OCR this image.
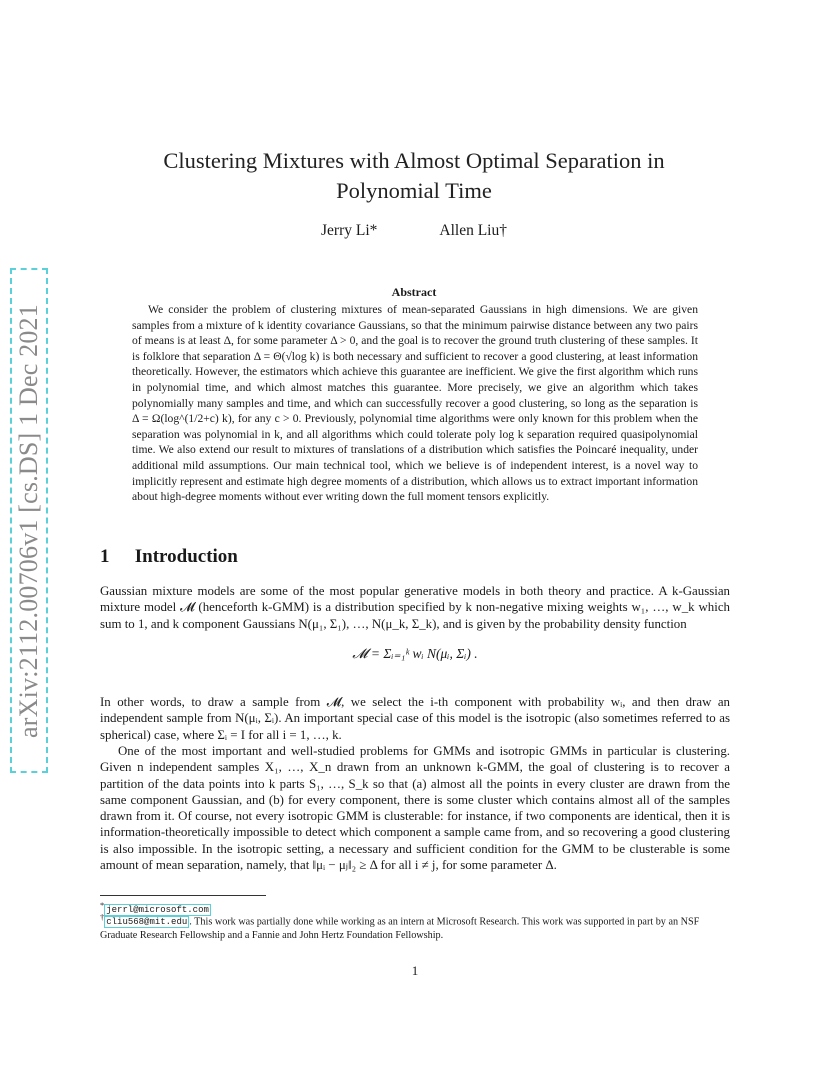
arXiv:2112.00706v1 [cs.DS] 1 Dec 2021
Clustering Mixtures with Almost Optimal Separation in
Polynomial Time
Jerry Li*	Allen Liu†
Abstract

We consider the problem of clustering mixtures of mean-separated Gaussians in high dimensions. We are given samples from a mixture of k identity covariance Gaussians, so that the minimum pairwise distance between any two pairs of means is at least Δ, for some parameter Δ > 0, and the goal is to recover the ground truth clustering of these samples. It is folklore that separation Δ = Θ(√log k) is both necessary and sufficient to recover a good clustering, at least information theoretically. However, the estimators which achieve this guarantee are inefficient. We give the first algorithm which runs in polynomial time, and which almost matches this guarantee. More precisely, we give an algorithm which takes polynomially many samples and time, and which can successfully recover a good clustering, so long as the separation is Δ = Ω(log^(1/2+c) k), for any c > 0. Previously, polynomial time algorithms were only known for this problem when the separation was polynomial in k, and all algorithms which could tolerate poly log k separation required quasipolynomial time. We also extend our result to mixtures of translations of a distribution which satisfies the Poincaré inequality, under additional mild assumptions. Our main technical tool, which we believe is of independent interest, is a novel way to implicitly represent and estimate high degree moments of a distribution, which allows us to extract important information about high-degree moments without ever writing down the full moment tensors explicitly.

1 Introduction

Gaussian mixture models are some of the most popular generative models in both theory and practice. A k-Gaussian mixture model 𝓜 (henceforth k-GMM) is a distribution specified by k non-negative mixing weights w₁, …, w_k which sum to 1, and k component Gaussians N(μ₁, Σ₁), …, N(μ_k, Σ_k), and is given by the probability density function

𝓜 = Σᵢ₌₁ᵏ wᵢ N(μᵢ, Σᵢ) .

In other words, to draw a sample from 𝓜, we select the i-th component with probability wᵢ, and then draw an independent sample from N(μᵢ, Σᵢ). An important special case of this model is the isotropic (also sometimes referred to as spherical) case, where Σᵢ = I for all i = 1, …, k.

One of the most important and well-studied problems for GMMs and isotropic GMMs in particular is clustering. Given n independent samples X₁, …, X_n drawn from an unknown k-GMM, the goal of clustering is to recover a partition of the data points into k parts S₁, …, S_k so that (a) almost all the points in every cluster are drawn from the same component Gaussian, and (b) for every component, there is some cluster which contains almost all of the samples drawn from it. Of course, not every isotropic GMM is clusterable: for instance, if two components are identical, then it is information-theoretically impossible to detect which component a sample came from, and so recovering a good clustering is also impossible. In the isotropic setting, a necessary and sufficient condition for the GMM to be clusterable is some amount of mean separation, namely, that ‖μᵢ − μⱼ‖₂ ≥ Δ for all i ≠ j, for some parameter Δ.

*jerrl@microsoft.com

†cliu568@mit.edu . This work was partially done while working as an intern at Microsoft Research. This work was supported in part by an NSF Graduate Research Fellowship and a Fannie and John Hertz Foundation Fellowship.

1
